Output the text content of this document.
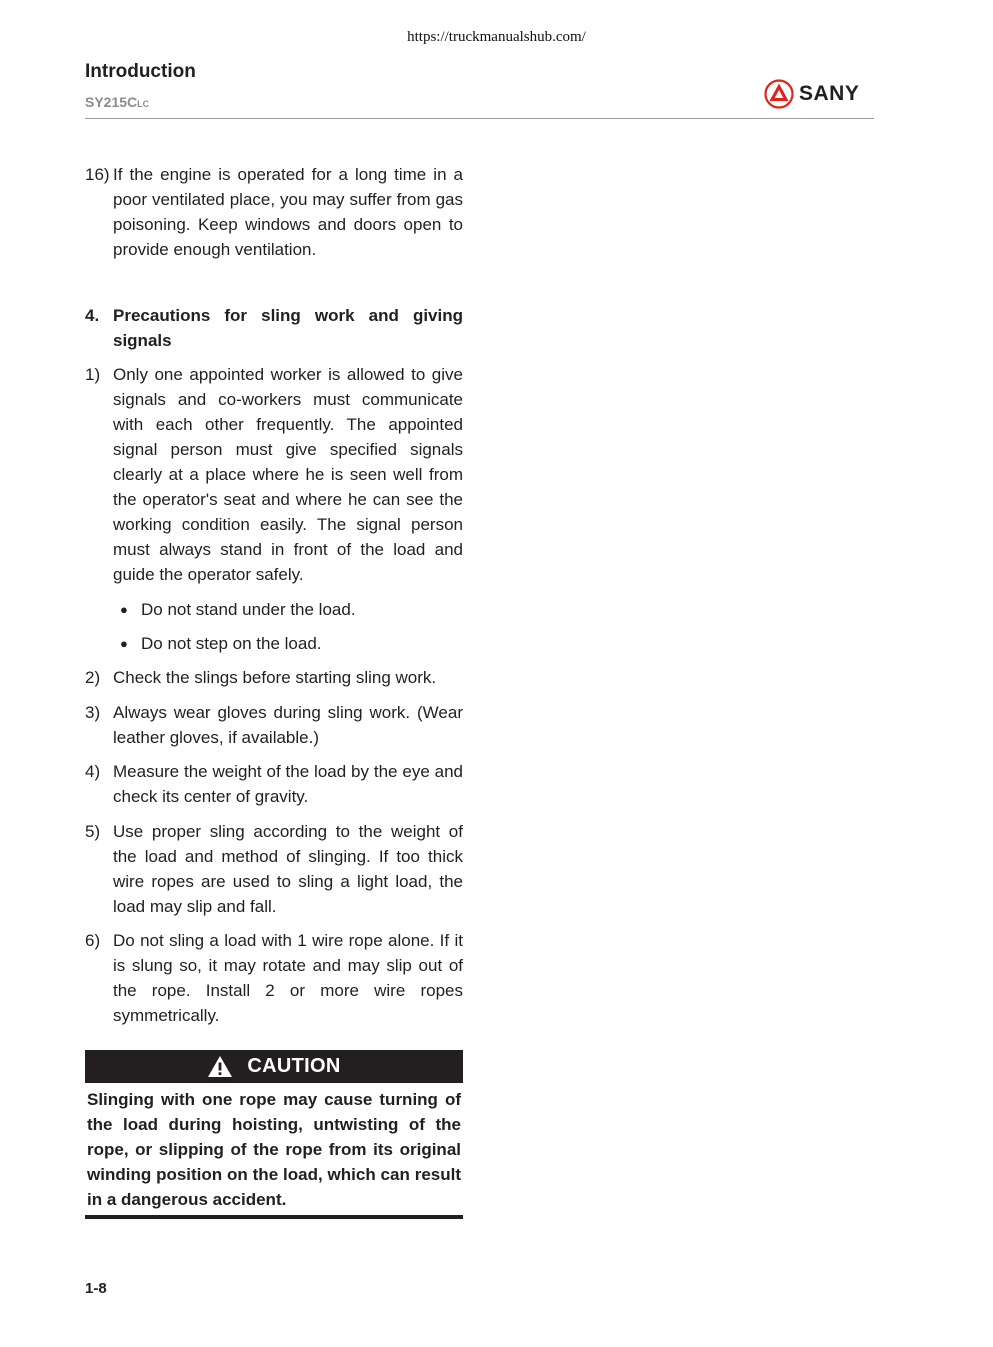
https://truckmanualshub.com/
Introduction
SY215CLC	SANY
16) If the engine is operated for a long time in a poor ventilated place, you may suffer from gas poisoning. Keep windows and doors open to provide enough ventilation.
4. Precautions for sling work and giving signals
1) Only one appointed worker is allowed to give signals and co-workers must communicate with each other frequently. The appointed signal person must give specified signals clearly at a place where he is seen well from the operator's seat and where he can see the working condition easily. The signal person must always stand in front of the load and guide the operator safely.
● Do not stand under the load.
● Do not step on the load.
2) Check the slings before starting sling work.
3) Always wear gloves during sling work. (Wear leather gloves, if available.)
4) Measure the weight of the load by the eye and check its center of gravity.
5) Use proper sling according to the weight of the load and method of slinging. If too thick wire ropes are used to sling a light load, the load may slip and fall.
6) Do not sling a load with 1 wire rope alone. If it is slung so, it may rotate and may slip out of the rope. Install 2 or more wire ropes symmetrically.
CAUTION
Slinging with one rope may cause turning of the load during hoisting, untwisting of the rope, or slipping of the rope from its original winding position on the load, which can result in a dangerous accident.
1-8
